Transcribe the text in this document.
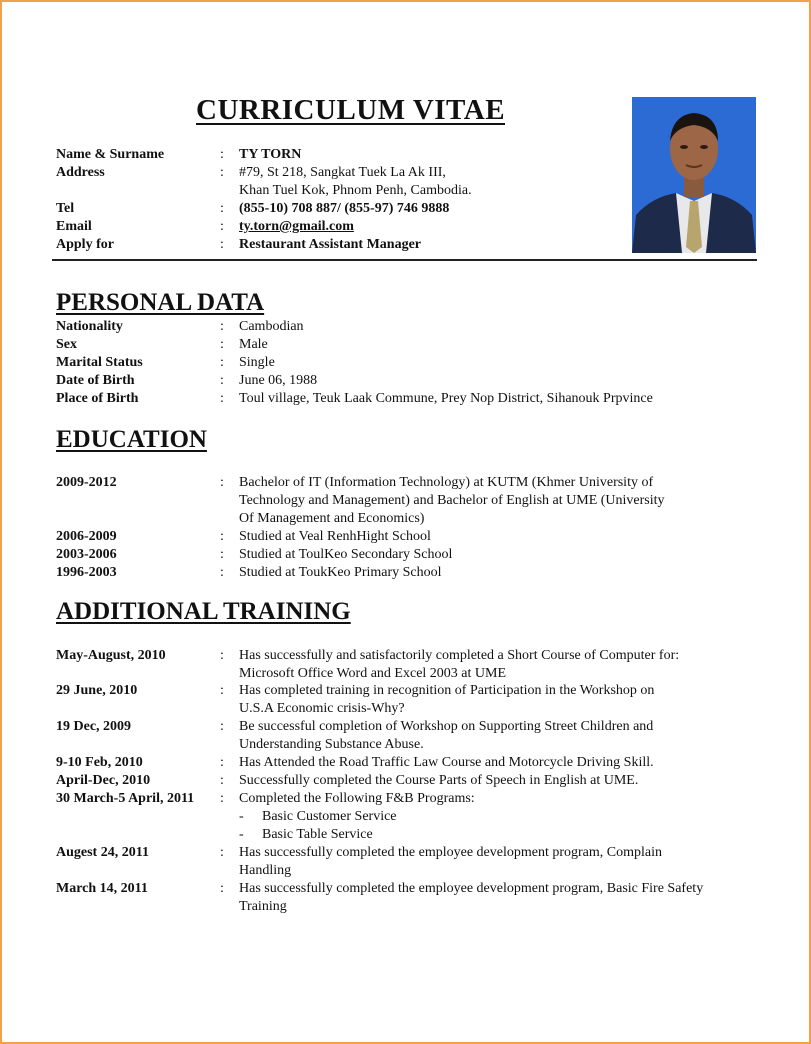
CURRICULUM VITAE
Name & Surname	: TY TORN
Address	: #79, St 218, Sangkat Tuek La Ak III,
Khan Tuel Kok, Phnom Penh, Cambodia.
Tel	: (855-10) 708 887/ (855-97) 746 9888
Email	: ty.torn@gmail.com
Apply for	: Restaurant Assistant Manager
PERSONAL DATA
Nationality	: Cambodian
Sex	: Male
Marital Status	: Single
Date of Birth	: June 06, 1988
Place of Birth	: Toul village, Teuk Laak Commune, Prey Nop District, Sihanouk Prpvince
EDUCATION
2009-2012	: Bachelor of IT (Information Technology) at KUTM (Khmer University of
Technology and Management) and Bachelor of English at UME (University
Of Management and Economics)
2006-2009	: Studied at Veal RenhHight School
2003-2006	: Studied at ToulKeo Secondary School
1996-2003	: Studied at ToukKeo Primary School
ADDITIONAL TRAINING
May-August, 2010	: Has successfully and satisfactorily completed a Short Course of Computer for:
Microsoft Office Word and Excel 2003 at UME
29 June, 2010	: Has completed training in recognition of Participation in the Workshop on
U.S.A Economic crisis-Why?
19 Dec, 2009	: Be successful completion of Workshop on Supporting Street Children and
Understanding Substance Abuse.
9-10 Feb, 2010	: Has Attended the Road Traffic Law Course and Motorcycle Driving Skill.
April-Dec, 2010	: Successfully completed the Course Parts of Speech in English at UME.
30 March-5 April, 2011 : Completed the Following F&B Programs:
- Basic Customer Service
- Basic Table Service
Augest 24, 2011	: Has successfully completed the employee development program, Complain
Handling
March 14, 2011	: Has successfully completed the employee development program, Basic Fire Safety
Training
